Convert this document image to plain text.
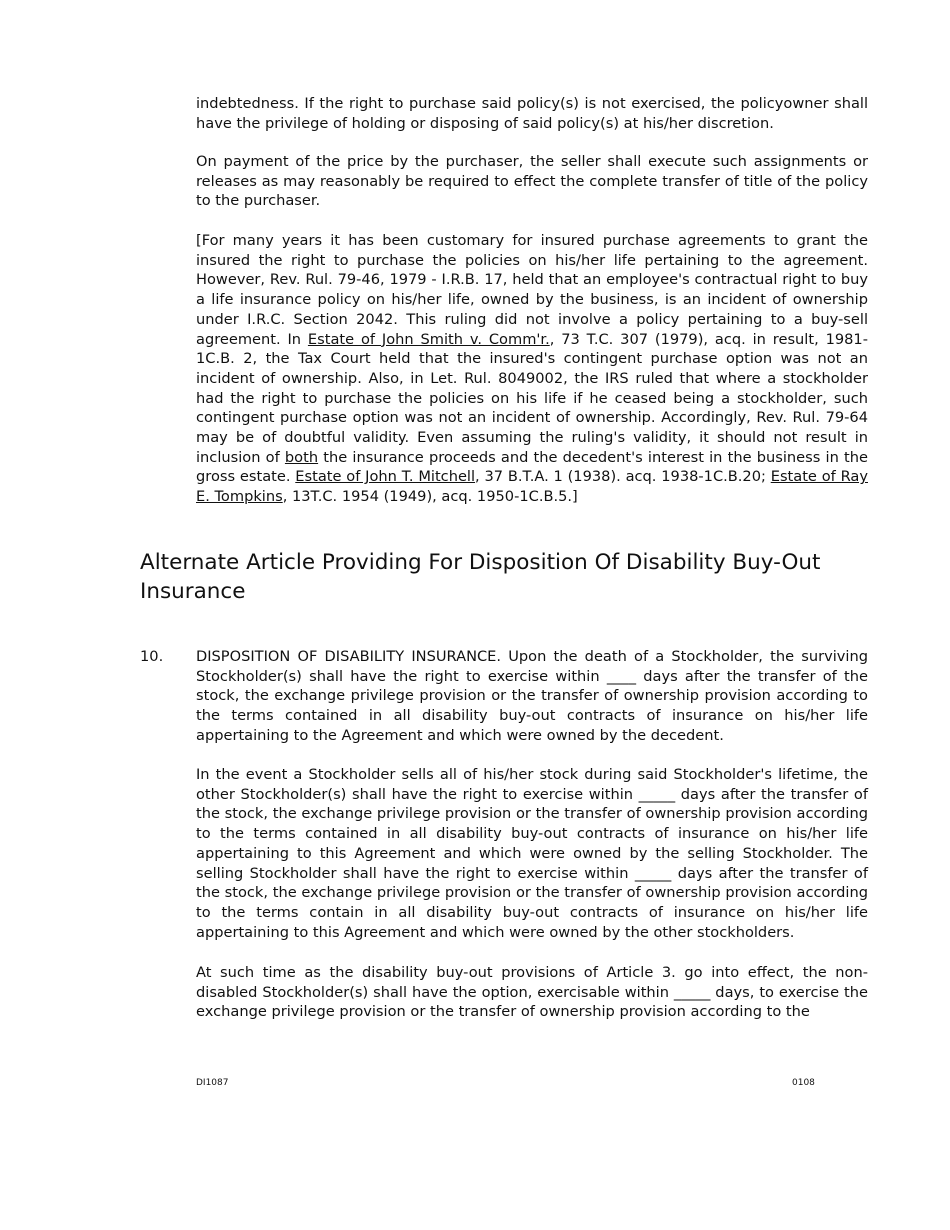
indebtedness. If the right to purchase said policy(s) is not exercised, the policyowner shall have the privilege of holding or disposing of said policy(s) at his/her discretion.

On payment of the price by the purchaser, the seller shall execute such assignments or releases as may reasonably be required to effect the complete transfer of title of the policy to the purchaser.

[For many years it has been customary for insured purchase agreements to grant the insured the right to purchase the policies on his/her life pertaining to the agreement. However, Rev. Rul. 79-46, 1979 - I.R.B. 17, held that an employee's contractual right to buy a life insurance policy on his/her life, owned by the business, is an incident of ownership under I.R.C. Section 2042. This ruling did not involve a policy pertaining to a buy-sell agreement. In Estate of John Smith v. Comm'r., 73 T.C. 307 (1979), acq. in result, 1981-1C.B. 2, the Tax Court held that the insured's contingent purchase option was not an incident of ownership. Also, in Let. Rul. 8049002, the IRS ruled that where a stockholder had the right to purchase the policies on his life if he ceased being a stockholder, such contingent purchase option was not an incident of ownership. Accordingly, Rev. Rul. 79-64 may be of doubtful validity. Even assuming the ruling's validity, it should not result in inclusion of both the insurance proceeds and the decedent's interest in the business in the gross estate. Estate of John T. Mitchell, 37 B.T.A. 1 (1938). acq. 1938-1C.B.20; Estate of Ray E. Tompkins, 13T.C. 1954 (1949), acq. 1950-1C.B.5.]

Alternate Article Providing For Disposition Of Disability Buy-Out Insurance
10. DISPOSITION OF DISABILITY INSURANCE. Upon the death of a Stockholder, the surviving Stockholder(s) shall have the right to exercise within ____ days after the transfer of the stock, the exchange privilege provision or the transfer of ownership provision according to the terms contained in all disability buy-out contracts of insurance on his/her life appertaining to the Agreement and which were owned by the decedent.

In the event a Stockholder sells all of his/her stock during said Stockholder's lifetime, the other Stockholder(s) shall have the right to exercise within _____ days after the transfer of the stock, the exchange privilege provision or the transfer of ownership provision according to the terms contained in all disability buy-out contracts of insurance on his/her life appertaining to this Agreement and which were owned by the selling Stockholder. The selling Stockholder shall have the right to exercise within _____ days after the transfer of the stock, the exchange privilege provision or the transfer of ownership provision according to the terms contain in all disability buy-out contracts of insurance on his/her life appertaining to this Agreement and which were owned by the other stockholders.

At such time as the disability buy-out provisions of Article 3. go into effect, the non-disabled Stockholder(s) shall have the option, exercisable within _____ days, to exercise the exchange privilege provision or the transfer of ownership provision according to the

DI1087	0108
